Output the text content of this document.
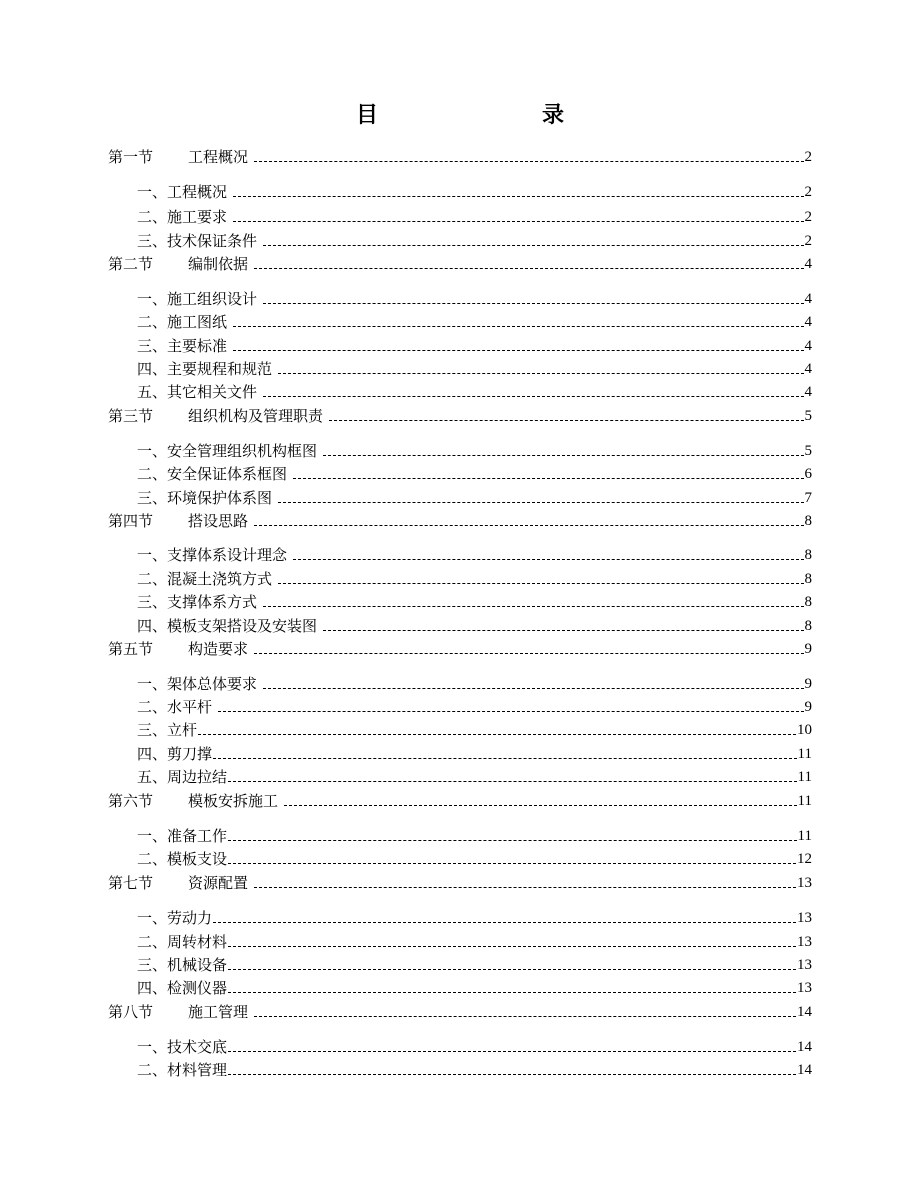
目　　录
第一节	工程概况	2
一、工程概况	2
二、施工要求	2
三、技术保证条件	2
第二节	编制依据	4
一、施工组织设计	4
二、施工图纸	4
三、主要标准	4
四、主要规程和规范	4
五、其它相关文件	4
第三节	组织机构及管理职责	5
一、安全管理组织机构框图	5
二、安全保证体系框图	6
三、环境保护体系图	7
第四节	搭设思路	8
一、支撑体系设计理念	8
二、混凝土浇筑方式	8
三、支撑体系方式	8
四、模板支架搭设及安装图	8
第五节	构造要求	9
一、架体总体要求	9
二、水平杆	9
三、立杆	10
四、剪刀撑	11
五、周边拉结	11
第六节	模板安拆施工	11
一、准备工作	11
二、模板支设	12
第七节	资源配置	13
一、劳动力	13
二、周转材料	13
三、机械设备	13
四、检测仪器	13
第八节	施工管理	14
一、技术交底	14
二、材料管理	14
